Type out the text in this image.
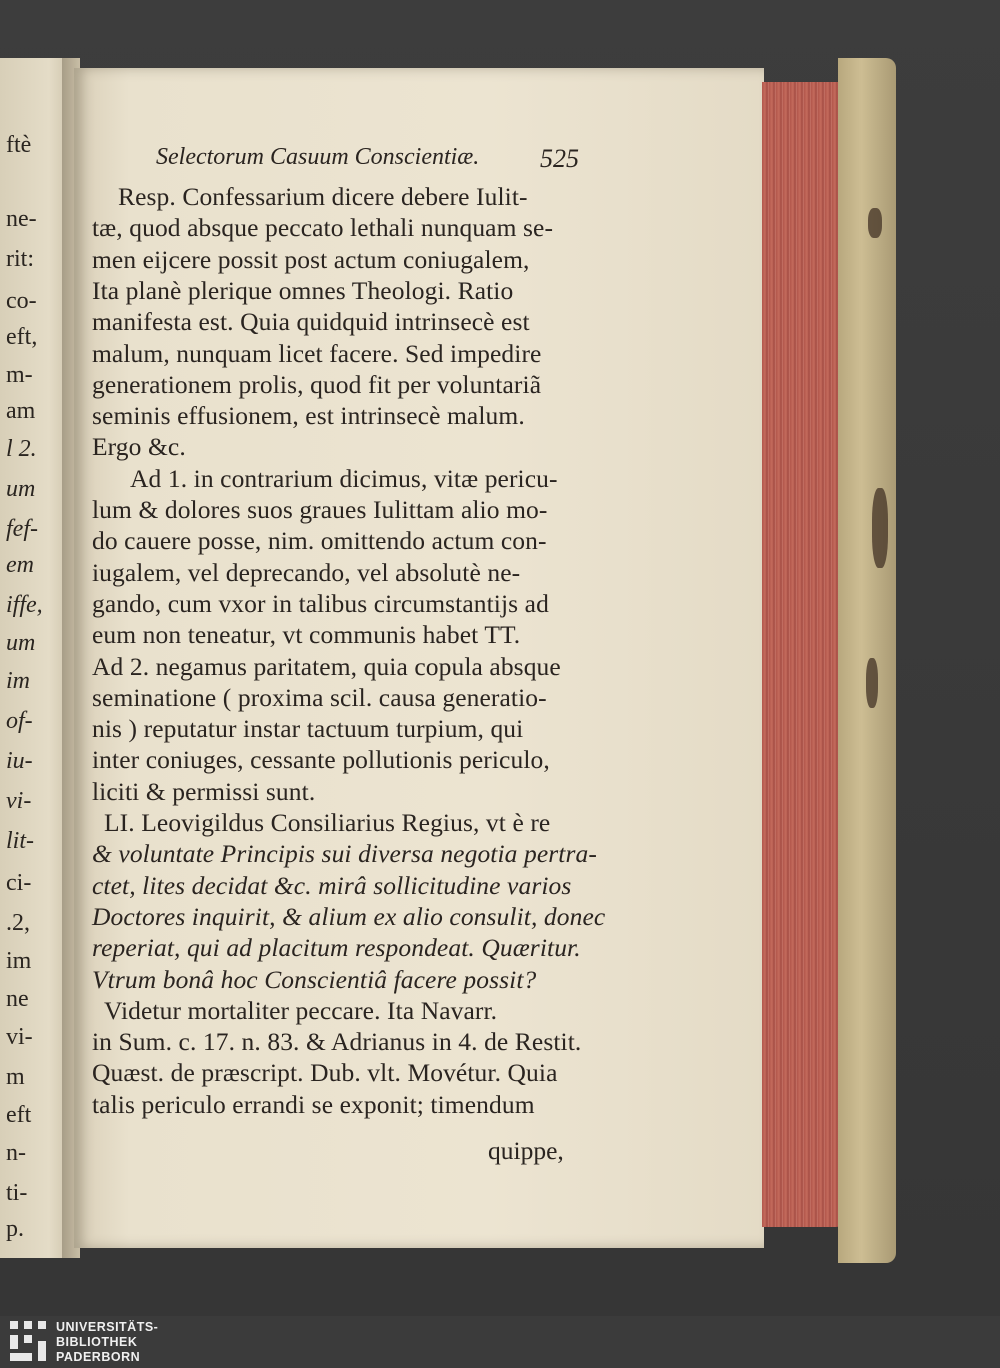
ftè
ne-
rit:
co-
eft,
m-
am
l 2.
um
fef-
em
iffe,
um
im
of-
iu-
vi-
lit-
ci-
.2,
im
ne
vi-
m
eft
n-
ti-
p.
Selectorum Casuum Conscientiæ. 525
Resp. Confessarium dicere debere Iulit-
tæ, quod absque peccato lethali nunquam se-
men eijcere possit post actum coniugalem,
Ita planè plerique omnes Theologi. Ratio
manifesta est. Quia quidquid intrinsecè est
malum, nunquam licet facere. Sed impedire
generationem prolis, quod fit per voluntariã
seminis effusionem, est intrinsecè malum.
Ergo &c.
Ad 1. in contrarium dicimus, vitæ pericu-
lum & dolores suos graues Iulittam alio mo-
do cauere posse, nim. omittendo actum con-
iugalem, vel deprecando, vel absolutè ne-
gando, cum vxor in talibus circumstantijs ad
eum non teneatur, vt communis habet TT.
Ad 2. negamus paritatem, quia copula absque
seminatione ( proxima scil. causa generatio-
nis ) reputatur instar tactuum turpium, qui
inter coniuges, cessante pollutionis periculo,
liciti & permissi sunt.
LI. Leovigildus Consiliarius Regius, vt è re
& voluntate Principis sui diversa negotia pertra-
ctet, lites decidat &c. mirâ sollicitudine varios
Doctores inquirit, & alium ex alio consulit, donec
reperiat, qui ad placitum respondeat. Quæritur.
Vtrum bonâ hoc Conscientiâ facere possit?
Videtur mortaliter peccare. Ita Navarr.
in Sum. c. 17. n. 83. & Adrianus in 4. de Restit.
Quæst. de præscript. Dub. vlt. Movétur. Quia
talis periculo errandi se exponit; timendum
quippe,
UNIVERSITÄTS-
BIBLIOTHEK
PADERBORN
